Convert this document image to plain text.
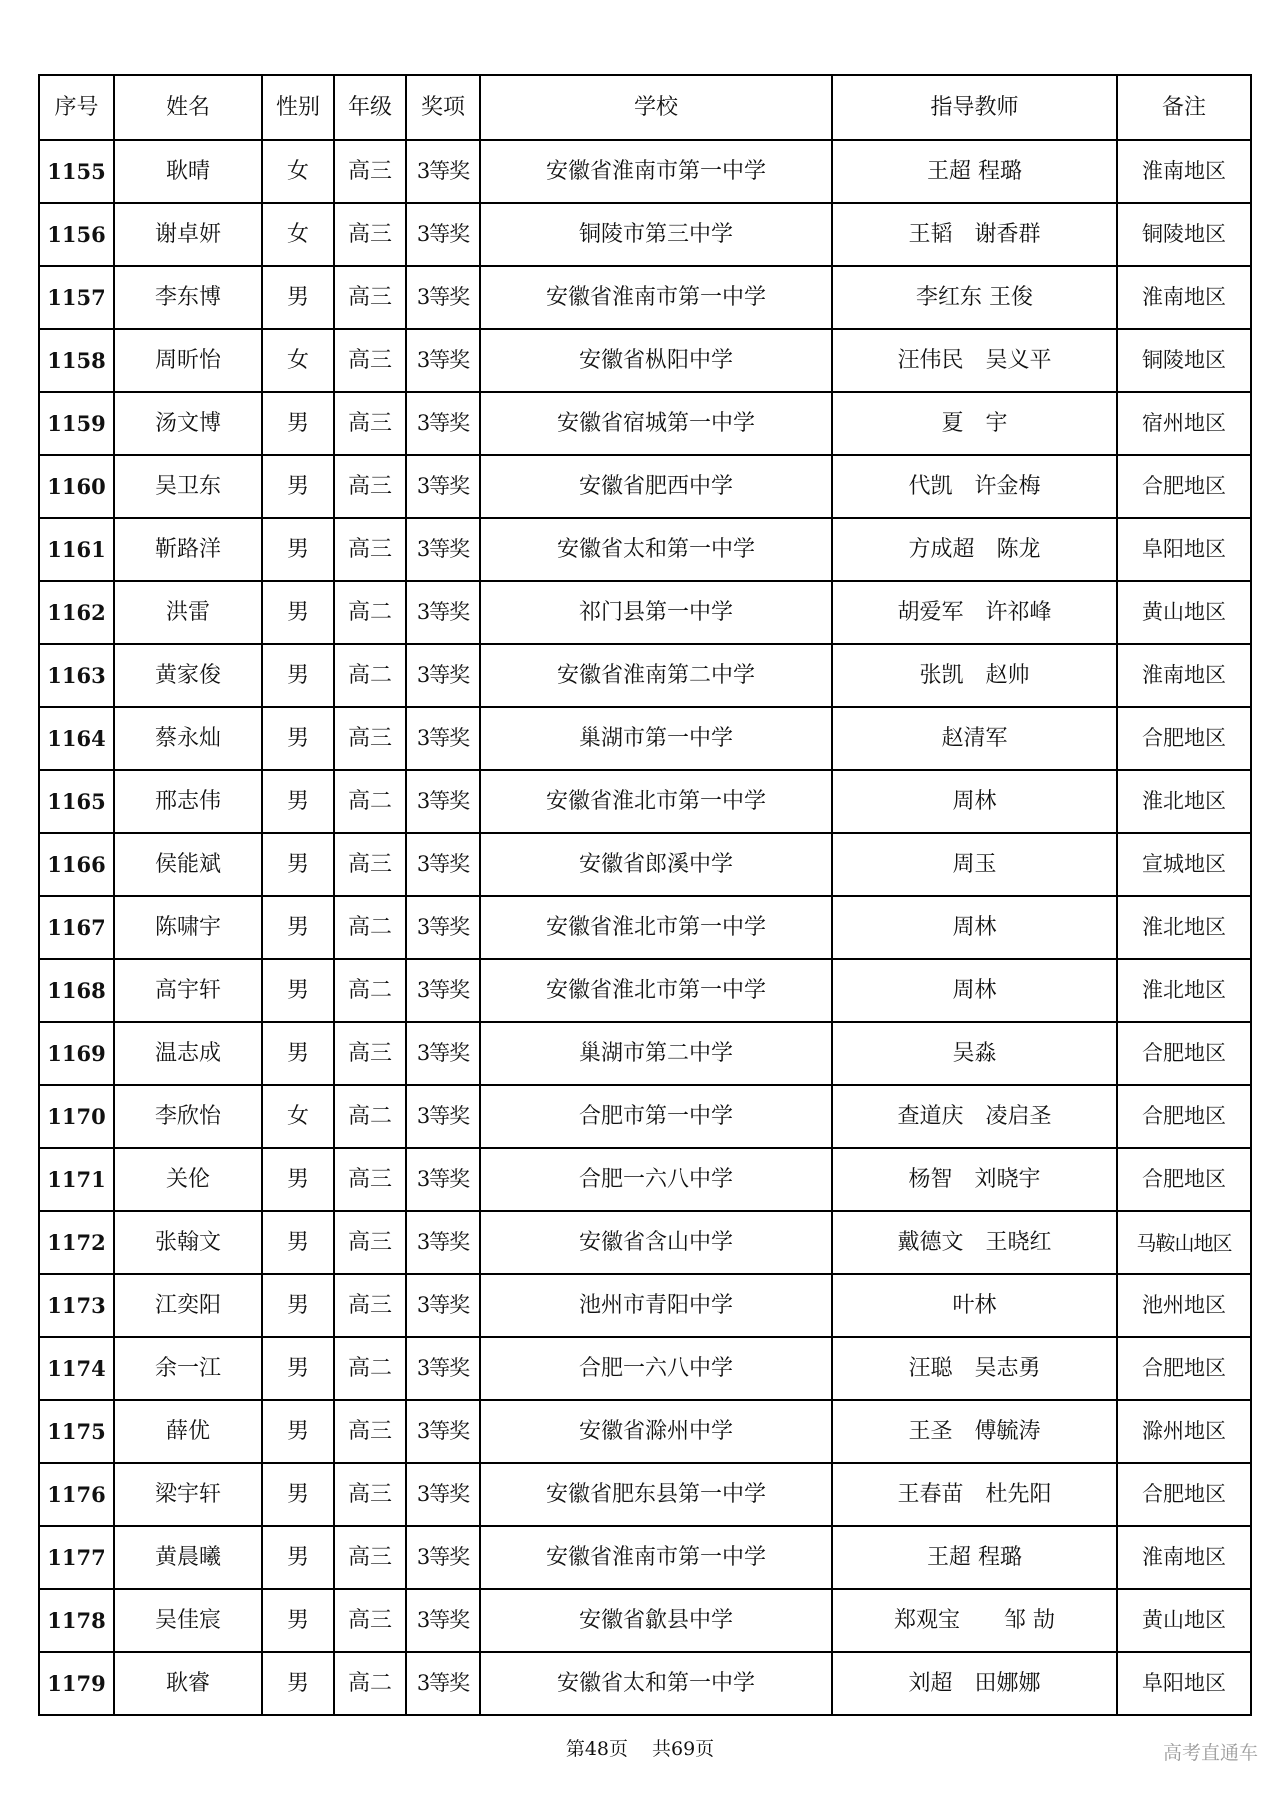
序号	姓名	性别	年级	奖项	学校	指导教师	备注
1155	耿晴	女	高三	3等奖	安徽省淮南市第一中学	王超 程璐	淮南地区
1156	谢卓妍	女	高三	3等奖	铜陵市第三中学	王韬　谢香群	铜陵地区
1157	李东博	男	高三	3等奖	安徽省淮南市第一中学	李红东 王俊	淮南地区
1158	周昕怡	女	高三	3等奖	安徽省枞阳中学	汪伟民　吴义平	铜陵地区
1159	汤文博	男	高三	3等奖	安徽省宿城第一中学	夏　宇	宿州地区
1160	吴卫东	男	高三	3等奖	安徽省肥西中学	代凯　许金梅	合肥地区
1161	靳路洋	男	高三	3等奖	安徽省太和第一中学	方成超　陈龙	阜阳地区
1162	洪雷	男	高二	3等奖	祁门县第一中学	胡爱军　许祁峰	黄山地区
1163	黄家俊	男	高二	3等奖	安徽省淮南第二中学	张凯　赵帅	淮南地区
1164	蔡永灿	男	高三	3等奖	巢湖市第一中学	赵清军	合肥地区
1165	邢志伟	男	高二	3等奖	安徽省淮北市第一中学	周林	淮北地区
1166	侯能斌	男	高三	3等奖	安徽省郎溪中学	周玉	宣城地区
1167	陈啸宇	男	高二	3等奖	安徽省淮北市第一中学	周林	淮北地区
1168	高宇轩	男	高二	3等奖	安徽省淮北市第一中学	周林	淮北地区
1169	温志成	男	高三	3等奖	巢湖市第二中学	吴淼	合肥地区
1170	李欣怡	女	高二	3等奖	合肥市第一中学	查道庆　凌启圣	合肥地区
1171	关伦	男	高三	3等奖	合肥一六八中学	杨智　刘晓宇	合肥地区
1172	张翰文	男	高三	3等奖	安徽省含山中学	戴德文　王晓红	马鞍山地区
1173	江奕阳	男	高三	3等奖	池州市青阳中学	叶林	池州地区
1174	余一江	男	高二	3等奖	合肥一六八中学	汪聪　吴志勇	合肥地区
1175	薛优	男	高三	3等奖	安徽省滁州中学	王圣　傅毓涛	滁州地区
1176	梁宇轩	男	高三	3等奖	安徽省肥东县第一中学	王春苗　杜先阳	合肥地区
1177	黄晨曦	男	高三	3等奖	安徽省淮南市第一中学	王超 程璐	淮南地区
1178	吴佳宸	男	高三	3等奖	安徽省歙县中学	郑观宝　　邹 劼	黄山地区
1179	耿睿	男	高二	3等奖	安徽省太和第一中学	刘超　田娜娜	阜阳地区
第48页 共69页	高考直通车
